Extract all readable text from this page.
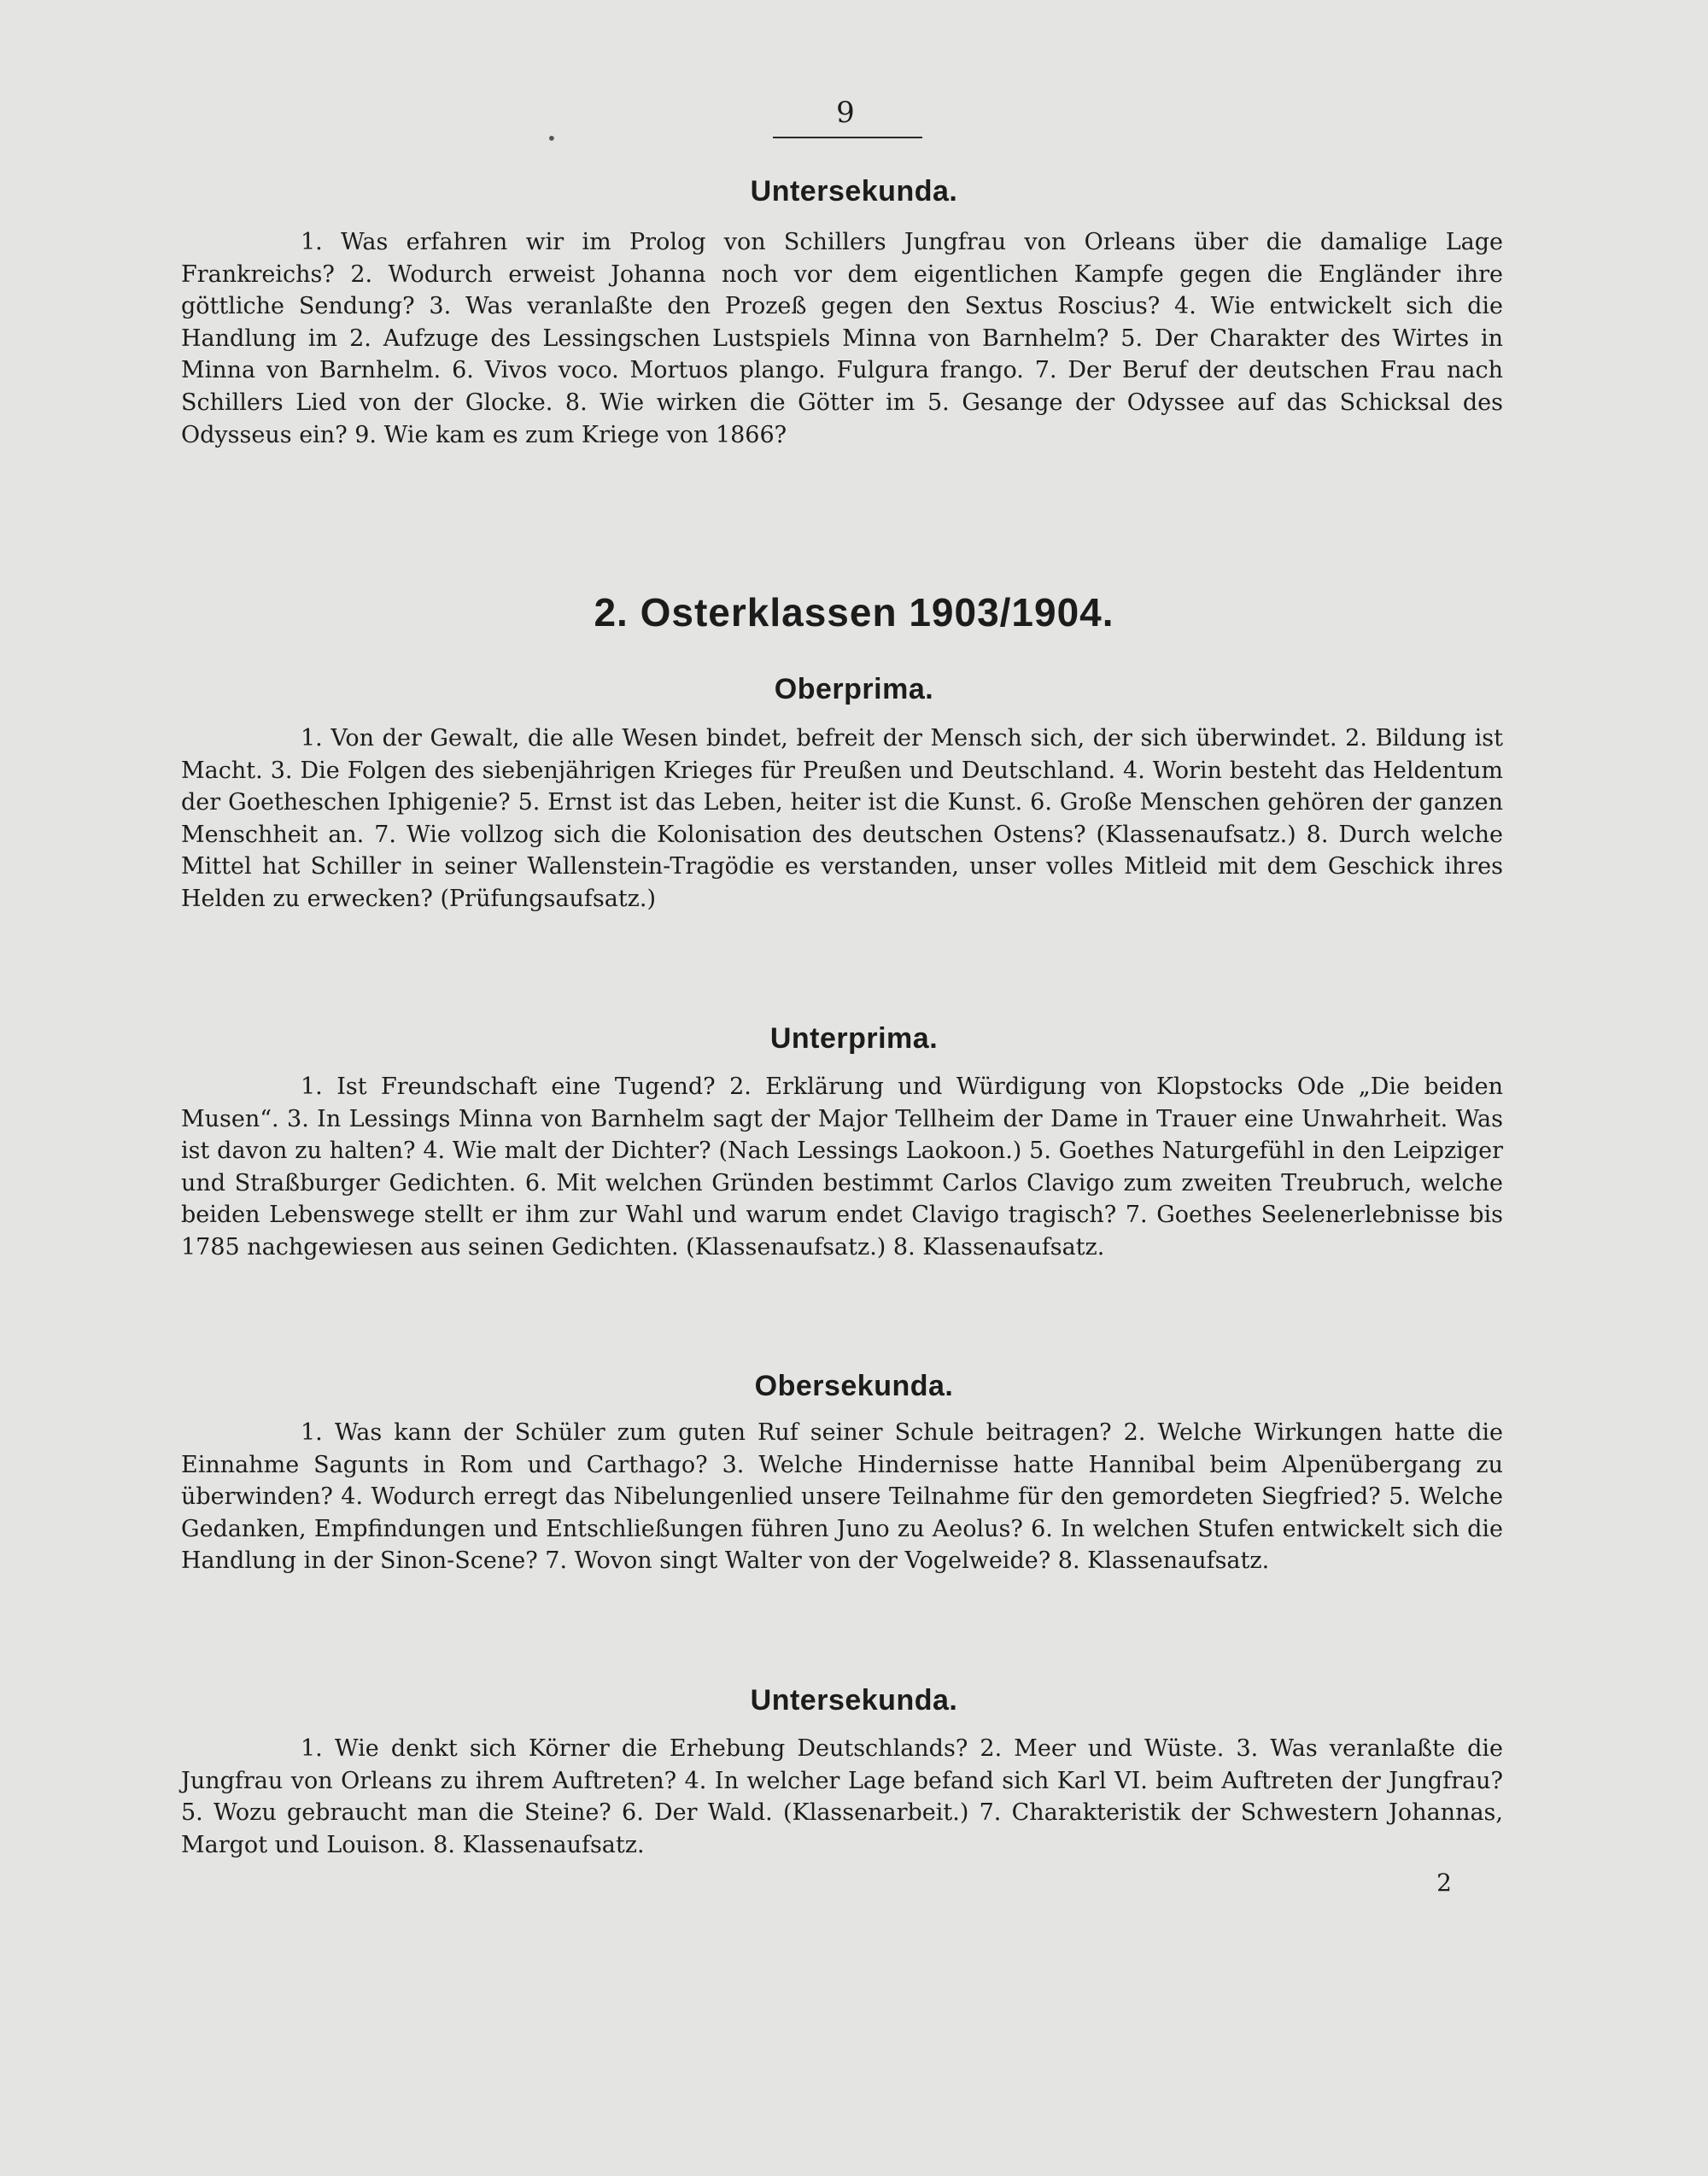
9
•
Untersekunda.
1. Was erfahren wir im Prolog von Schillers Jungfrau von Orleans über die damalige Lage Frankreichs? 2. Wodurch erweist Johanna noch vor dem eigentlichen Kampfe gegen die Engländer ihre göttliche Sendung? 3. Was veranlaßte den Prozeß gegen den Sextus Roscius? 4. Wie entwickelt sich die Handlung im 2. Aufzuge des Lessingschen Lustspiels Minna von Barnhelm? 5. Der Charakter des Wirtes in Minna von Barnhelm. 6. Vivos voco. Mortuos plango. Fulgura frango. 7. Der Beruf der deutschen Frau nach Schillers Lied von der Glocke. 8. Wie wirken die Götter im 5. Gesange der Odyssee auf das Schicksal des Odysseus ein? 9. Wie kam es zum Kriege von 1866?
2. Osterklassen 1903/1904.
Oberprima.
1. Von der Gewalt, die alle Wesen bindet, befreit der Mensch sich, der sich überwindet. 2. Bildung ist Macht. 3. Die Folgen des siebenjährigen Krieges für Preußen und Deutschland. 4. Worin besteht das Heldentum der Goetheschen Iphigenie? 5. Ernst ist das Leben, heiter ist die Kunst. 6. Große Menschen gehören der ganzen Menschheit an. 7. Wie vollzog sich die Kolonisation des deutschen Ostens? (Klassenaufsatz.) 8. Durch welche Mittel hat Schiller in seiner Wallenstein-Tragödie es verstanden, unser volles Mitleid mit dem Geschick ihres Helden zu erwecken? (Prüfungsaufsatz.)
Unterprima.
1. Ist Freundschaft eine Tugend? 2. Erklärung und Würdigung von Klopstocks Ode „Die beiden Musen“. 3. In Lessings Minna von Barnhelm sagt der Major Tellheim der Dame in Trauer eine Unwahrheit. Was ist davon zu halten? 4. Wie malt der Dichter? (Nach Lessings Laokoon.) 5. Goethes Naturgefühl in den Leipziger und Straßburger Gedichten. 6. Mit welchen Gründen bestimmt Carlos Clavigo zum zweiten Treubruch, welche beiden Lebenswege stellt er ihm zur Wahl und warum endet Clavigo tragisch? 7. Goethes Seelenerlebnisse bis 1785 nachgewiesen aus seinen Gedichten. (Klassenaufsatz.) 8. Klassenaufsatz.
Obersekunda.
1. Was kann der Schüler zum guten Ruf seiner Schule beitragen? 2. Welche Wirkungen hatte die Einnahme Sagunts in Rom und Carthago? 3. Welche Hindernisse hatte Hannibal beim Alpenübergang zu überwinden? 4. Wodurch erregt das Nibelungenlied unsere Teilnahme für den gemordeten Siegfried? 5. Welche Gedanken, Empfindungen und Entschließungen führen Juno zu Aeolus? 6. In welchen Stufen entwickelt sich die Handlung in der Sinon-Scene? 7. Wovon singt Walter von der Vogelweide? 8. Klassenaufsatz.
Untersekunda.
1. Wie denkt sich Körner die Erhebung Deutschlands? 2. Meer und Wüste. 3. Was veranlaßte die Jungfrau von Orleans zu ihrem Auftreten? 4. In welcher Lage befand sich Karl VI. beim Auftreten der Jungfrau? 5. Wozu gebraucht man die Steine? 6. Der Wald. (Klassenarbeit.) 7. Charakteristik der Schwestern Johannas, Margot und Louison. 8. Klassenaufsatz.
2
